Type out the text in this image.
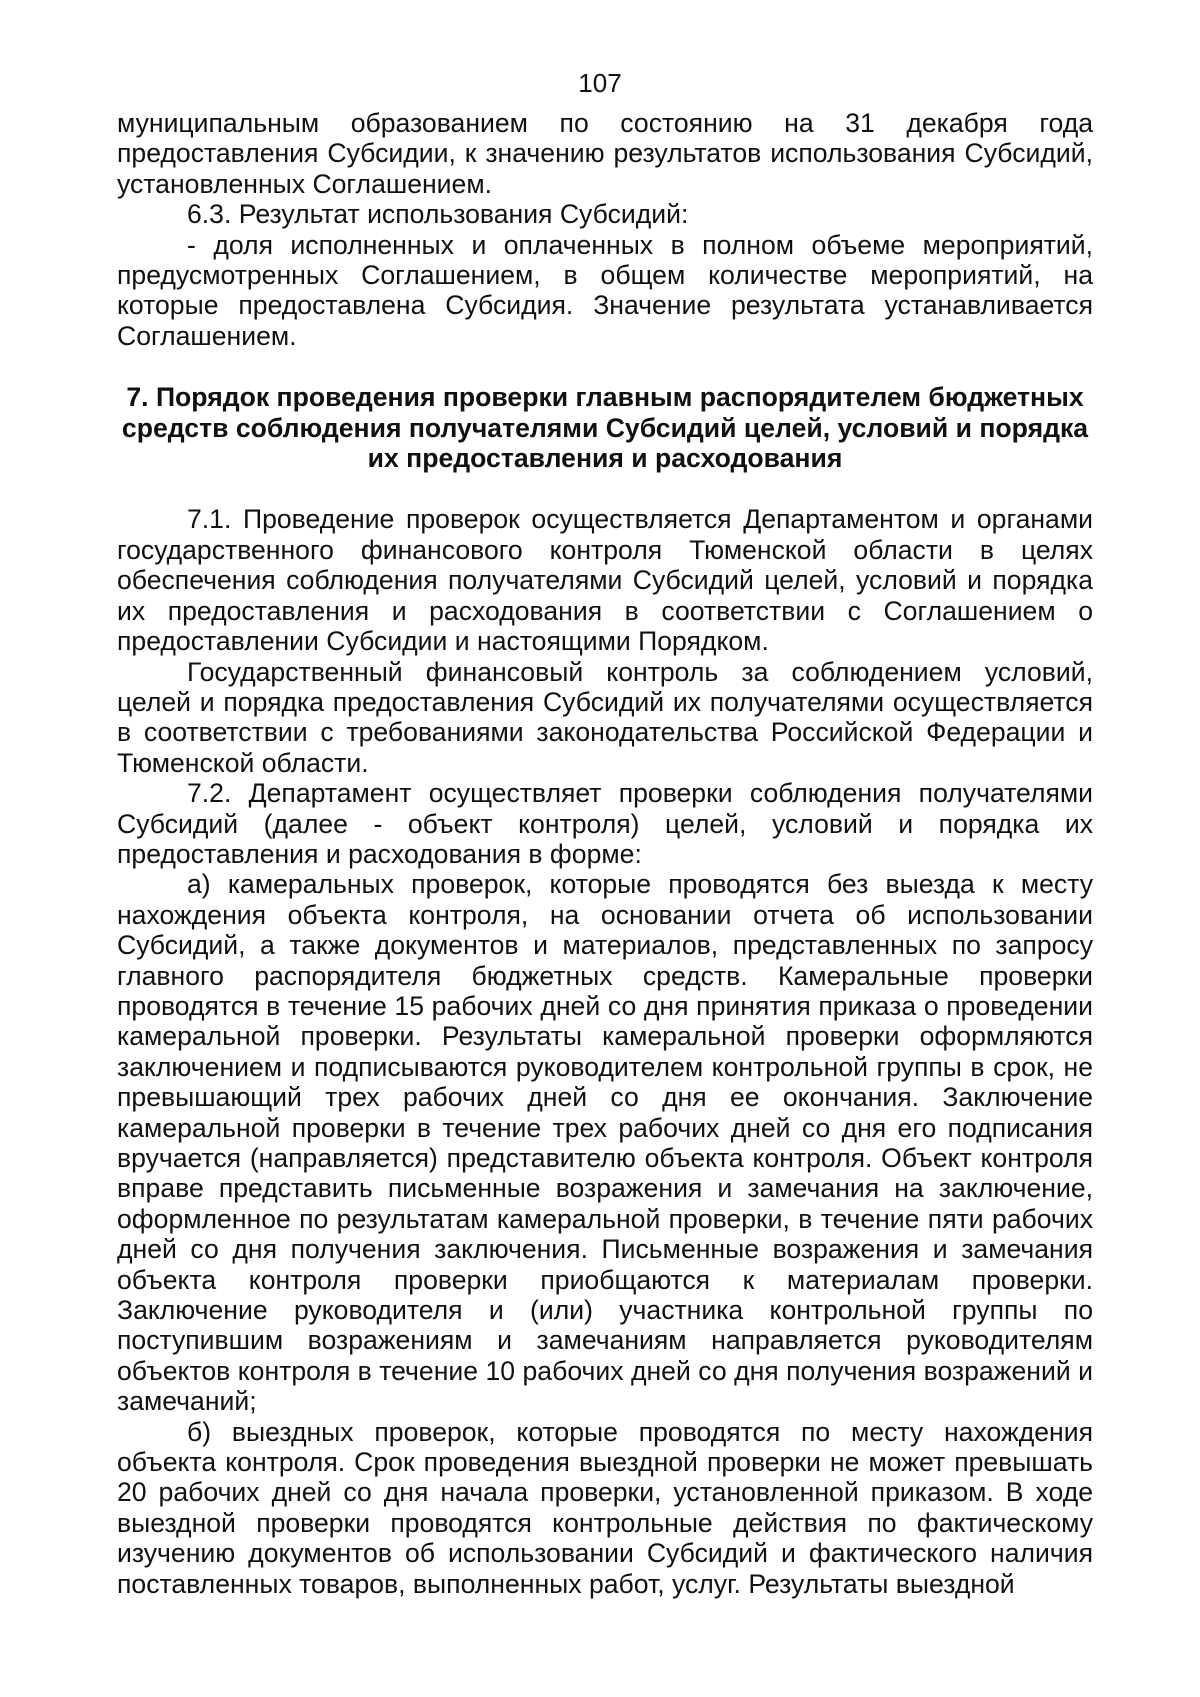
107

муниципальным образованием по состоянию на 31 декабря года предоставления Субсидии, к значению результатов использования Субсидий, установленных Соглашением.

6.3. Результат использования Субсидий:

- доля исполненных и оплаченных в полном объеме мероприятий, предусмотренных Соглашением, в общем количестве мероприятий, на которые предоставлена Субсидия. Значение результата устанавливается Соглашением.

7. Порядок проведения проверки главным распорядителем бюджетных средств соблюдения получателями Субсидий целей, условий и порядка их предоставления и расходования

7.1. Проведение проверок осуществляется Департаментом и органами государственного финансового контроля Тюменской области в целях обеспечения соблюдения получателями Субсидий целей, условий и порядка их предоставления и расходования в соответствии с Соглашением о предоставлении Субсидии и настоящими Порядком.

Государственный финансовый контроль за соблюдением условий, целей и порядка предоставления Субсидий их получателями осуществляется в соответствии с требованиями законодательства Российской Федерации и Тюменской области.

7.2. Департамент осуществляет проверки соблюдения получателями Субсидий (далее - объект контроля) целей, условий и порядка их предоставления и расходования в форме:

а) камеральных проверок, которые проводятся без выезда к месту нахождения объекта контроля, на основании отчета об использовании Субсидий, а также документов и материалов, представленных по запросу главного распорядителя бюджетных средств. Камеральные проверки проводятся в течение 15 рабочих дней со дня принятия приказа о проведении камеральной проверки. Результаты камеральной проверки оформляются заключением и подписываются руководителем контрольной группы в срок, не превышающий трех рабочих дней со дня ее окончания. Заключение камеральной проверки в течение трех рабочих дней со дня его подписания вручается (направляется) представителю объекта контроля. Объект контроля вправе представить письменные возражения и замечания на заключение, оформленное по результатам камеральной проверки, в течение пяти рабочих дней со дня получения заключения. Письменные возражения и замечания объекта контроля проверки приобщаются к материалам проверки. Заключение руководителя и (или) участника контрольной группы по поступившим возражениям и замечаниям направляется руководителям объектов контроля в течение 10 рабочих дней со дня получения возражений и замечаний;

б) выездных проверок, которые проводятся по месту нахождения объекта контроля. Срок проведения выездной проверки не может превышать 20 рабочих дней со дня начала проверки, установленной приказом. В ходе выездной проверки проводятся контрольные действия по фактическому изучению документов об использовании Субсидий и фактического наличия поставленных товаров, выполненных работ, услуг. Результаты выездной
